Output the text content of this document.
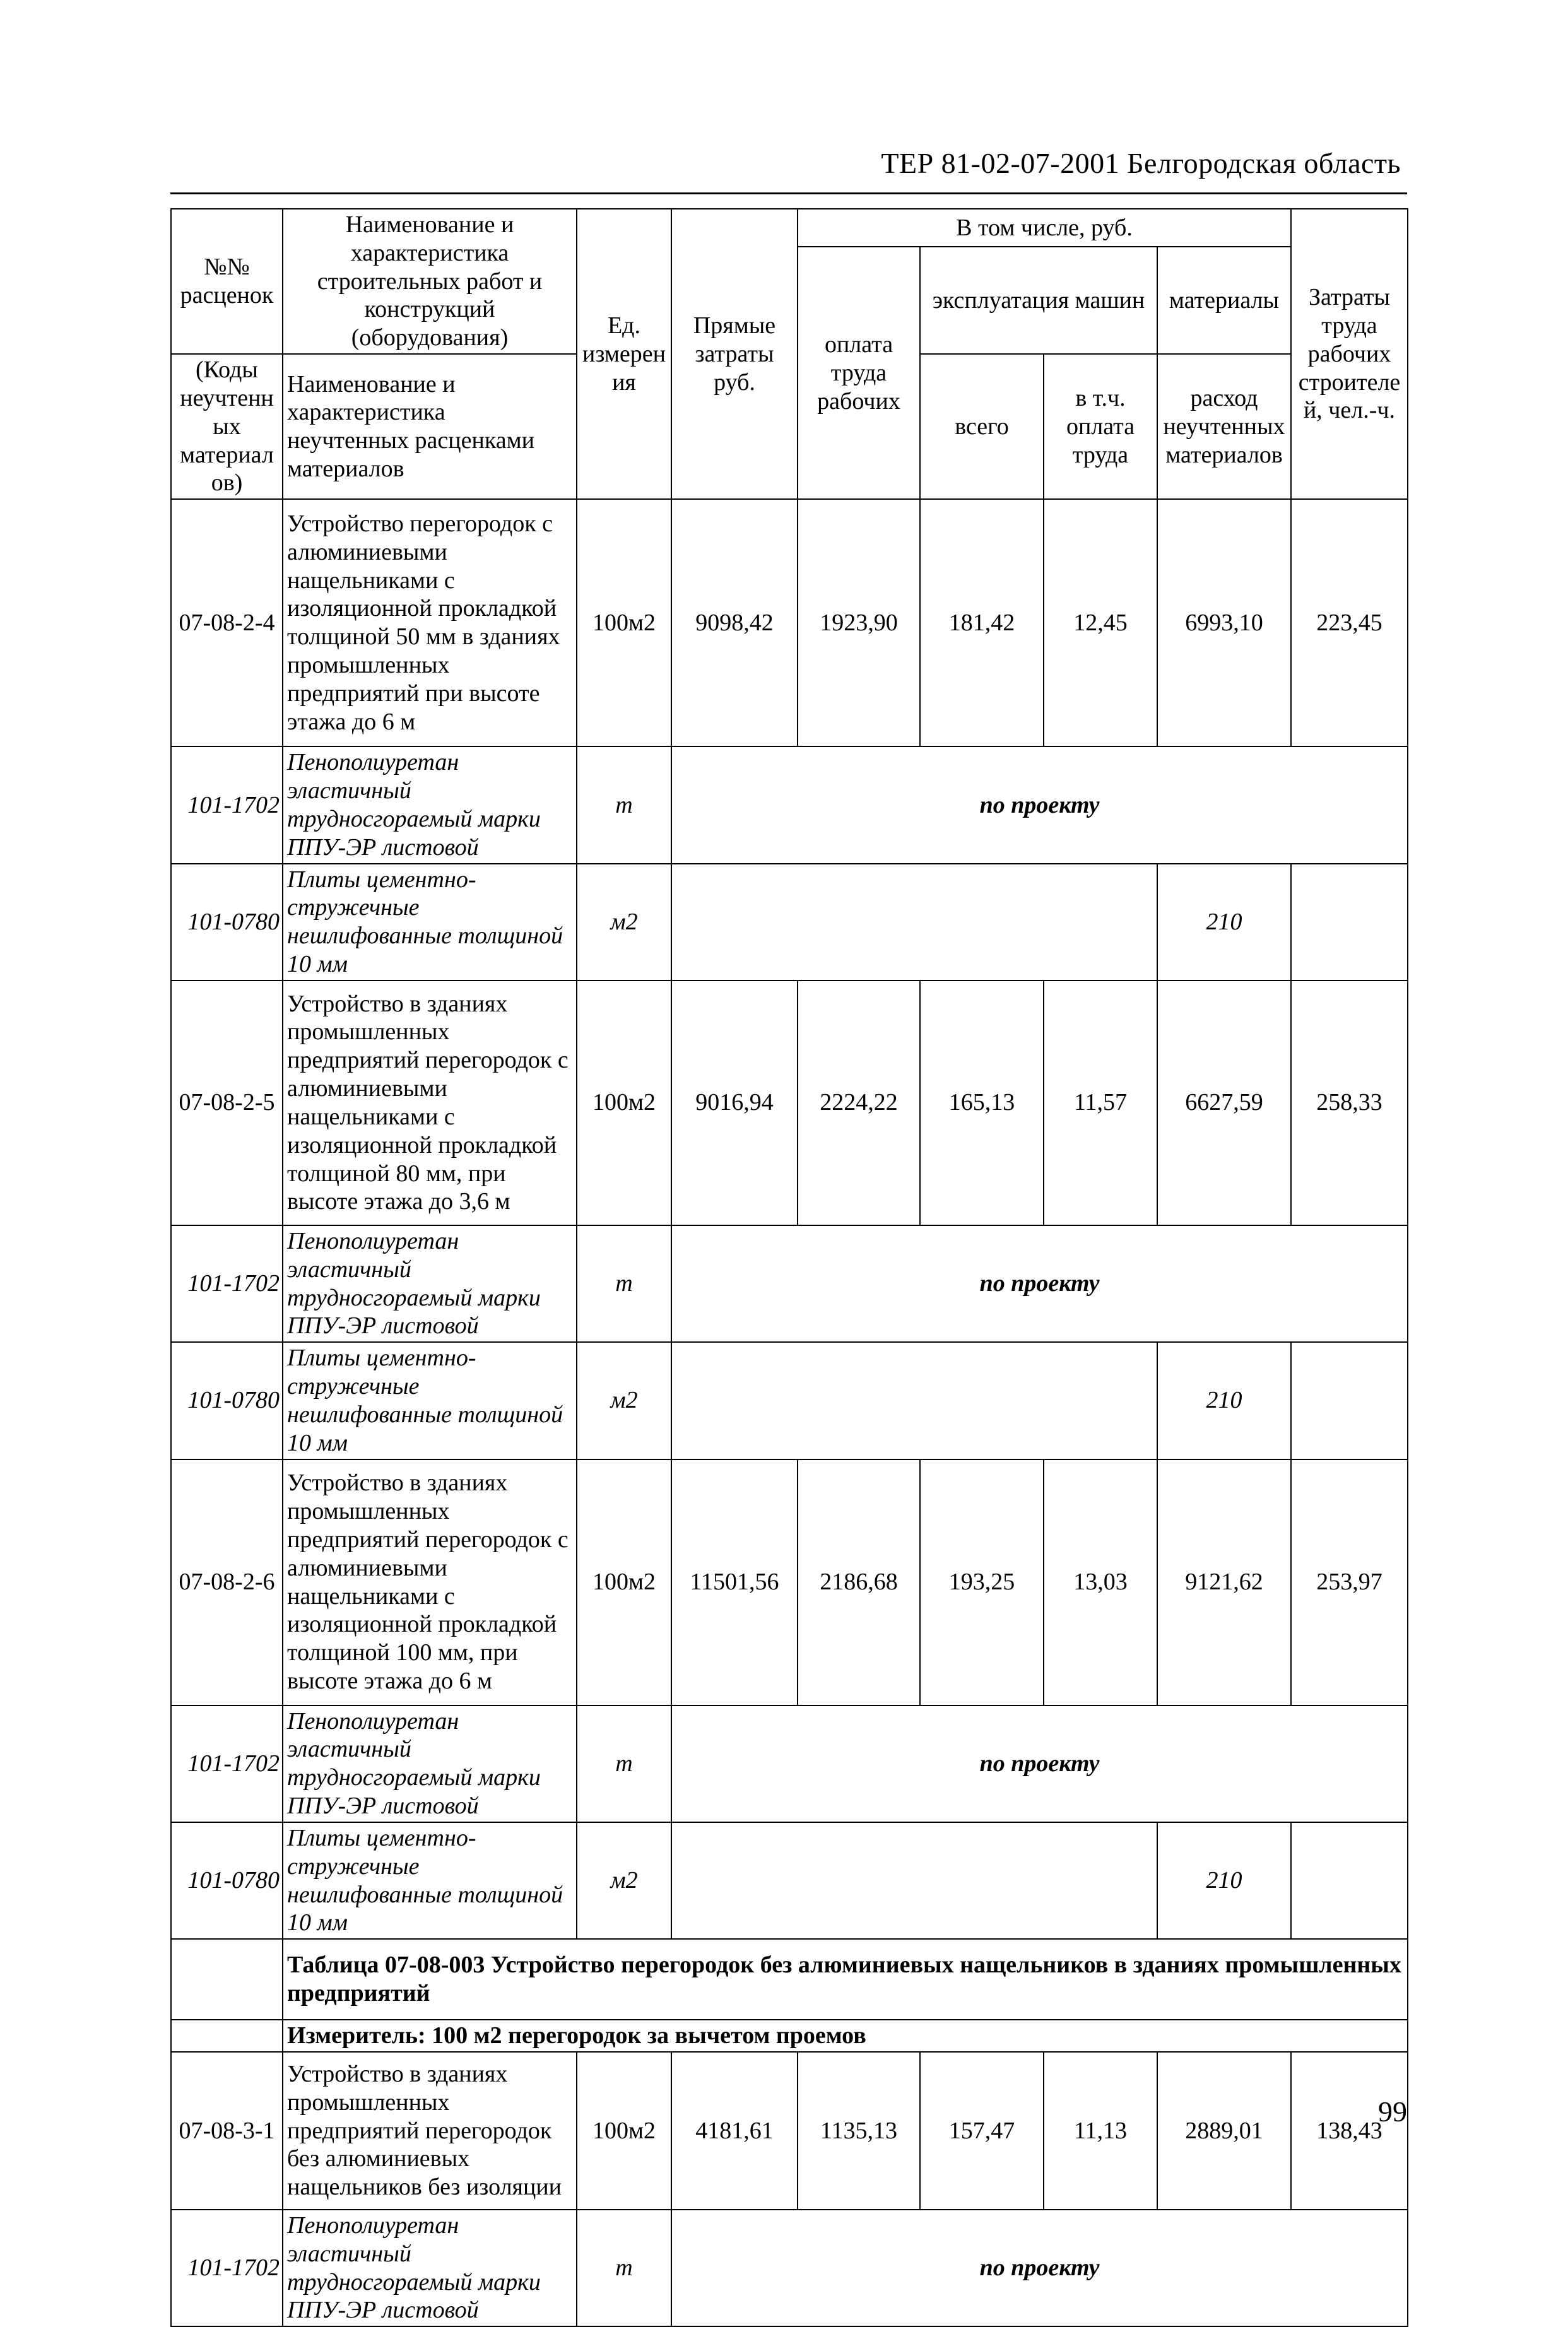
ТЕР 81-02-07-2001 Белгородская область
№№ расценок	Наименование и характеристика строительных работ и конструкций (оборудования)	Ед. измерения	Прямые затраты руб.	В том числе, руб.				Затраты труда рабочих строителей, чел.-ч.
				оплата труда рабочих	эксплуатация машин		материалы	
(Коды неучтенных материалов)	Наименование и характеристика неучтенных расценками материалов				всего	в т.ч. оплата труда	расход неучтенных материалов	

07-08-2-4	Устройство перегородок с алюминиевыми нащельниками с изоляционной прокладкой толщиной 50 мм в зданиях промышленных предприятий при высоте этажа до 6 м	100м2	9098,42	1923,90	181,42	12,45	6993,10	223,45
101-1702	Пенополиуретан эластичный трудносгораемый марки ППУ-ЭР листовой	т	по проекту					
101-0780	Плиты цементно-стружечные нешлифованные толщиной 10 мм	м2					210	
07-08-2-5	Устройство в зданиях промышленных предприятий перегородок с алюминиевыми нащельниками с изоляционной прокладкой толщиной 80 мм, при высоте этажа до 3,6 м	100м2	9016,94	2224,22	165,13	11,57	6627,59	258,33
101-1702	Пенополиуретан эластичный трудносгораемый марки ППУ-ЭР листовой	т	по проекту					
101-0780	Плиты цементно-стружечные нешлифованные толщиной 10 мм	м2					210	
07-08-2-6	Устройство в зданиях промышленных предприятий перегородок с алюминиевыми нащельниками с изоляционной прокладкой толщиной 100 мм, при высоте этажа до 6 м	100м2	11501,56	2186,68	193,25	13,03	9121,62	253,97
101-1702	Пенополиуретан эластичный трудносгораемый марки ППУ-ЭР листовой	т	по проекту					
101-0780	Плиты цементно-стружечные нешлифованные толщиной 10 мм	м2					210	
	Таблица 07-08-003 Устройство перегородок без алюминиевых нащельников в зданиях промышленных предприятий							
	Измеритель: 100 м2 перегородок за вычетом проемов							
07-08-3-1	Устройство в зданиях промышленных предприятий перегородок без алюминиевых нащельников без изоляции	100м2	4181,61	1135,13	157,47	11,13	2889,01	138,43
101-1702	Пенополиуретан эластичный трудносгораемый марки ППУ-ЭР листовой	т	по проекту					
99
